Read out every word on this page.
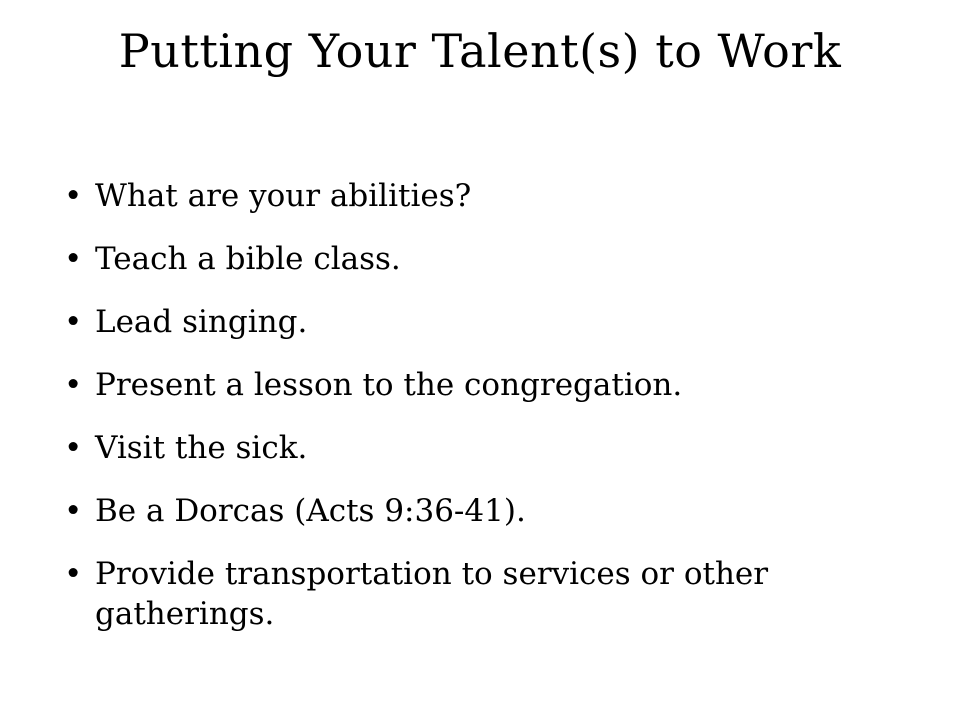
Putting Your Talent(s) to Work
• What are your abilities?
• Teach a bible class.
• Lead singing.
• Present a lesson to the congregation.
• Visit the sick.
• Be a Dorcas (Acts 9:36-41).
• Provide transportation to services or other gatherings.
